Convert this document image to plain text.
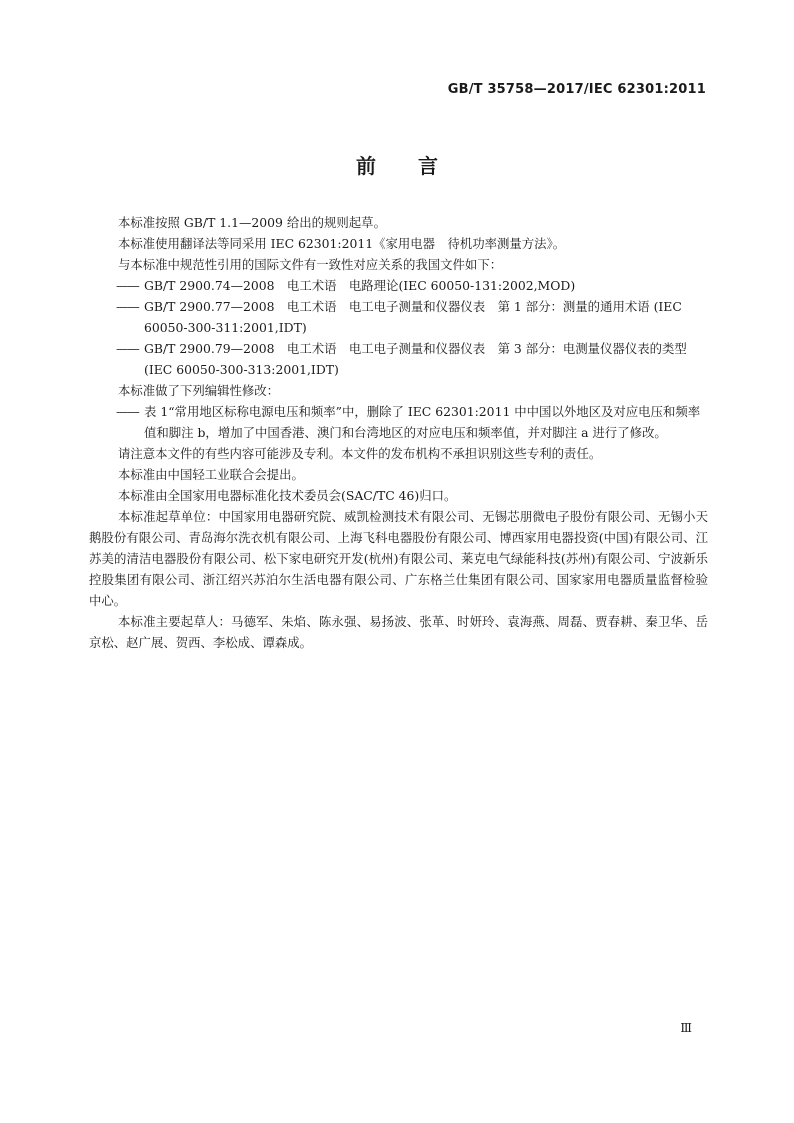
GB/T 35758—2017/IEC 62301:2011
前言

本标准按照 GB/T 1.1—2009 给出的规则起草。

本标准使用翻译法等同采用 IEC 62301:2011《家用电器　待机功率测量方法》。

与本标准中规范性引用的国际文件有一致性对应关系的我国文件如下：

—— GB/T 2900.74—2008　电工术语　电路理论(IEC 60050-131:2002,MOD)
—— GB/T 2900.77—2008　电工术语　电工电子测量和仪器仪表　第 1 部分：测量的通用术语 (IEC 60050-300-311:2001,IDT)
—— GB/T 2900.79—2008　电工术语　电工电子测量和仪器仪表　第 3 部分：电测量仪器仪表的类型(IEC 60050-300-313:2001,IDT)

本标准做了下列编辑性修改：

—— 表 1“常用地区标称电源电压和频率”中，删除了 IEC 62301:2011 中中国以外地区及对应电压和频率值和脚注 b，增加了中国香港、澳门和台湾地区的对应电压和频率值，并对脚注 a 进行了修改。

请注意本文件的有些内容可能涉及专利。本文件的发布机构不承担识别这些专利的责任。

本标准由中国轻工业联合会提出。

本标准由全国家用电器标准化技术委员会(SAC/TC 46)归口。

本标准起草单位：中国家用电器研究院、威凯检测技术有限公司、无锡芯朋微电子股份有限公司、无锡小天鹅股份有限公司、青岛海尔洗衣机有限公司、上海飞科电器股份有限公司、博西家用电器投资(中国)有限公司、江苏美的清洁电器股份有限公司、松下家电研究开发(杭州)有限公司、莱克电气绿能科技(苏州)有限公司、宁波新乐控股集团有限公司、浙江绍兴苏泊尔生活电器有限公司、广东格兰仕集团有限公司、国家家用电器质量监督检验中心。

本标准主要起草人：马德军、朱焰、陈永强、易扬波、张革、时妍玲、袁海燕、周磊、贾春耕、秦卫华、岳京松、赵广展、贺西、李松成、谭森成。

Ⅲ
